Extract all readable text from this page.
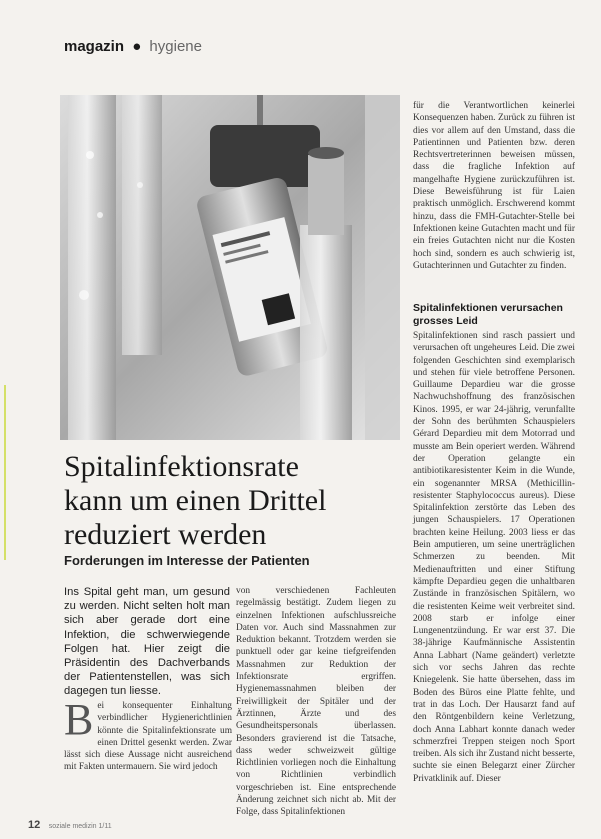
magazin ● hygiene
Spitalinfektionsrate kann um einen Drittel reduziert werden
Forderungen im Interesse der Patienten

Ins Spital geht man, um gesund zu werden. Nicht selten holt man sich aber gerade dort eine Infektion, die schwerwiegende Folgen hat. Hier zeigt die Präsidentin des Dachverbands der Patientenstellen, was sich dagegen tun liesse.

B ei konsequenter Einhaltung verbindlicher Hygienerichtlinien könnte die Spitalinfektionsrate um einen Drittel gesenkt werden. Zwar lässt sich diese Aussage nicht ausreichend mit Fakten untermauern. Sie wird jedoch

von verschiedenen Fachleuten regelmässig bestätigt. Zudem liegen zu einzelnen Infektionen aufschlussreiche Daten vor. Auch sind Massnahmen zur Reduktion bekannt. Trotzdem werden sie punktuell oder gar keine tiefgreifenden Massnahmen zur Reduktion der Infektionsrate ergriffen. Hygienemassnahmen bleiben der Freiwilligkeit der Spitäler und der Ärztinnen, Ärzte und des Gesundheitspersonals überlassen. Besonders gravierend ist die Tatsache, dass weder schweizweit gültige Richtlinien vorliegen noch die Einhaltung von Richtlinien verbindlich vorgeschrieben ist. Eine entsprechende Änderung zeichnet sich nicht ab. Mit der Folge, dass Spitalinfektionen

für die Verantwortlichen keinerlei Konsequenzen haben. Zurück zu führen ist dies vor allem auf den Umstand, dass die Patientinnen und Patienten bzw. deren Rechtsvertreterinnen beweisen müssen, dass die fragliche Infektion auf mangelhafte Hygiene zurückzuführen ist. Diese Beweisführung ist für Laien praktisch unmöglich. Erschwerend kommt hinzu, dass die FMH-Gutachter-Stelle bei Infektionen keine Gutachten macht und für ein freies Gutachten nicht nur die Kosten hoch sind, sondern es auch schwierig ist, Gutachterinnen und Gutachter zu finden.

Spitalinfektionen verursachen grosses Leid

Spitalinfektionen sind rasch passiert und verursachen oft ungeheures Leid. Die zwei folgenden Geschichten sind exemplarisch und stehen für viele betroffene Personen. Guillaume Depardieu war die grosse Nachwuchshoffnung des französischen Kinos. 1995, er war 24-jährig, verunfallte der Sohn des berühmten Schauspielers Gérard Depardieu mit dem Motorrad und musste am Bein operiert werden. Während der Operation gelangte ein antibiotikaresistenter Keim in die Wunde, ein sogenannter MRSA (Methicillin-resistenter Staphylococcus aureus). Diese Spitalinfektion zerstörte das Leben des jungen Schauspielers. 17 Operationen brachten keine Heilung. 2003 liess er das Bein amputieren, um seine unerträglichen Schmerzen zu beenden. Mit Medienauftritten und einer Stiftung kämpfte Depardieu gegen die unhaltbaren Zustände in französischen Spitälern, wo die resistenten Keime weit verbreitet sind. 2008 starb er infolge einer Lungenentzündung. Er war erst 37. Die 38-jährige Kaufmännische Assistentin Anna Labhart (Name geändert) verletzte sich vor sechs Jahren das rechte Kniegelenk. Sie hatte übersehen, dass im Boden des Büros eine Platte fehlte, und trat in das Loch. Der Hausarzt fand auf den Röntgenbildern keine Verletzung, doch Anna Labhart konnte danach weder schmerzfrei Treppen steigen noch Sport treiben. Als sich ihr Zustand nicht besserte, suchte sie einen Belegarzt einer Zürcher Privatklinik auf. Dieser

12 soziale medizin 1/11
